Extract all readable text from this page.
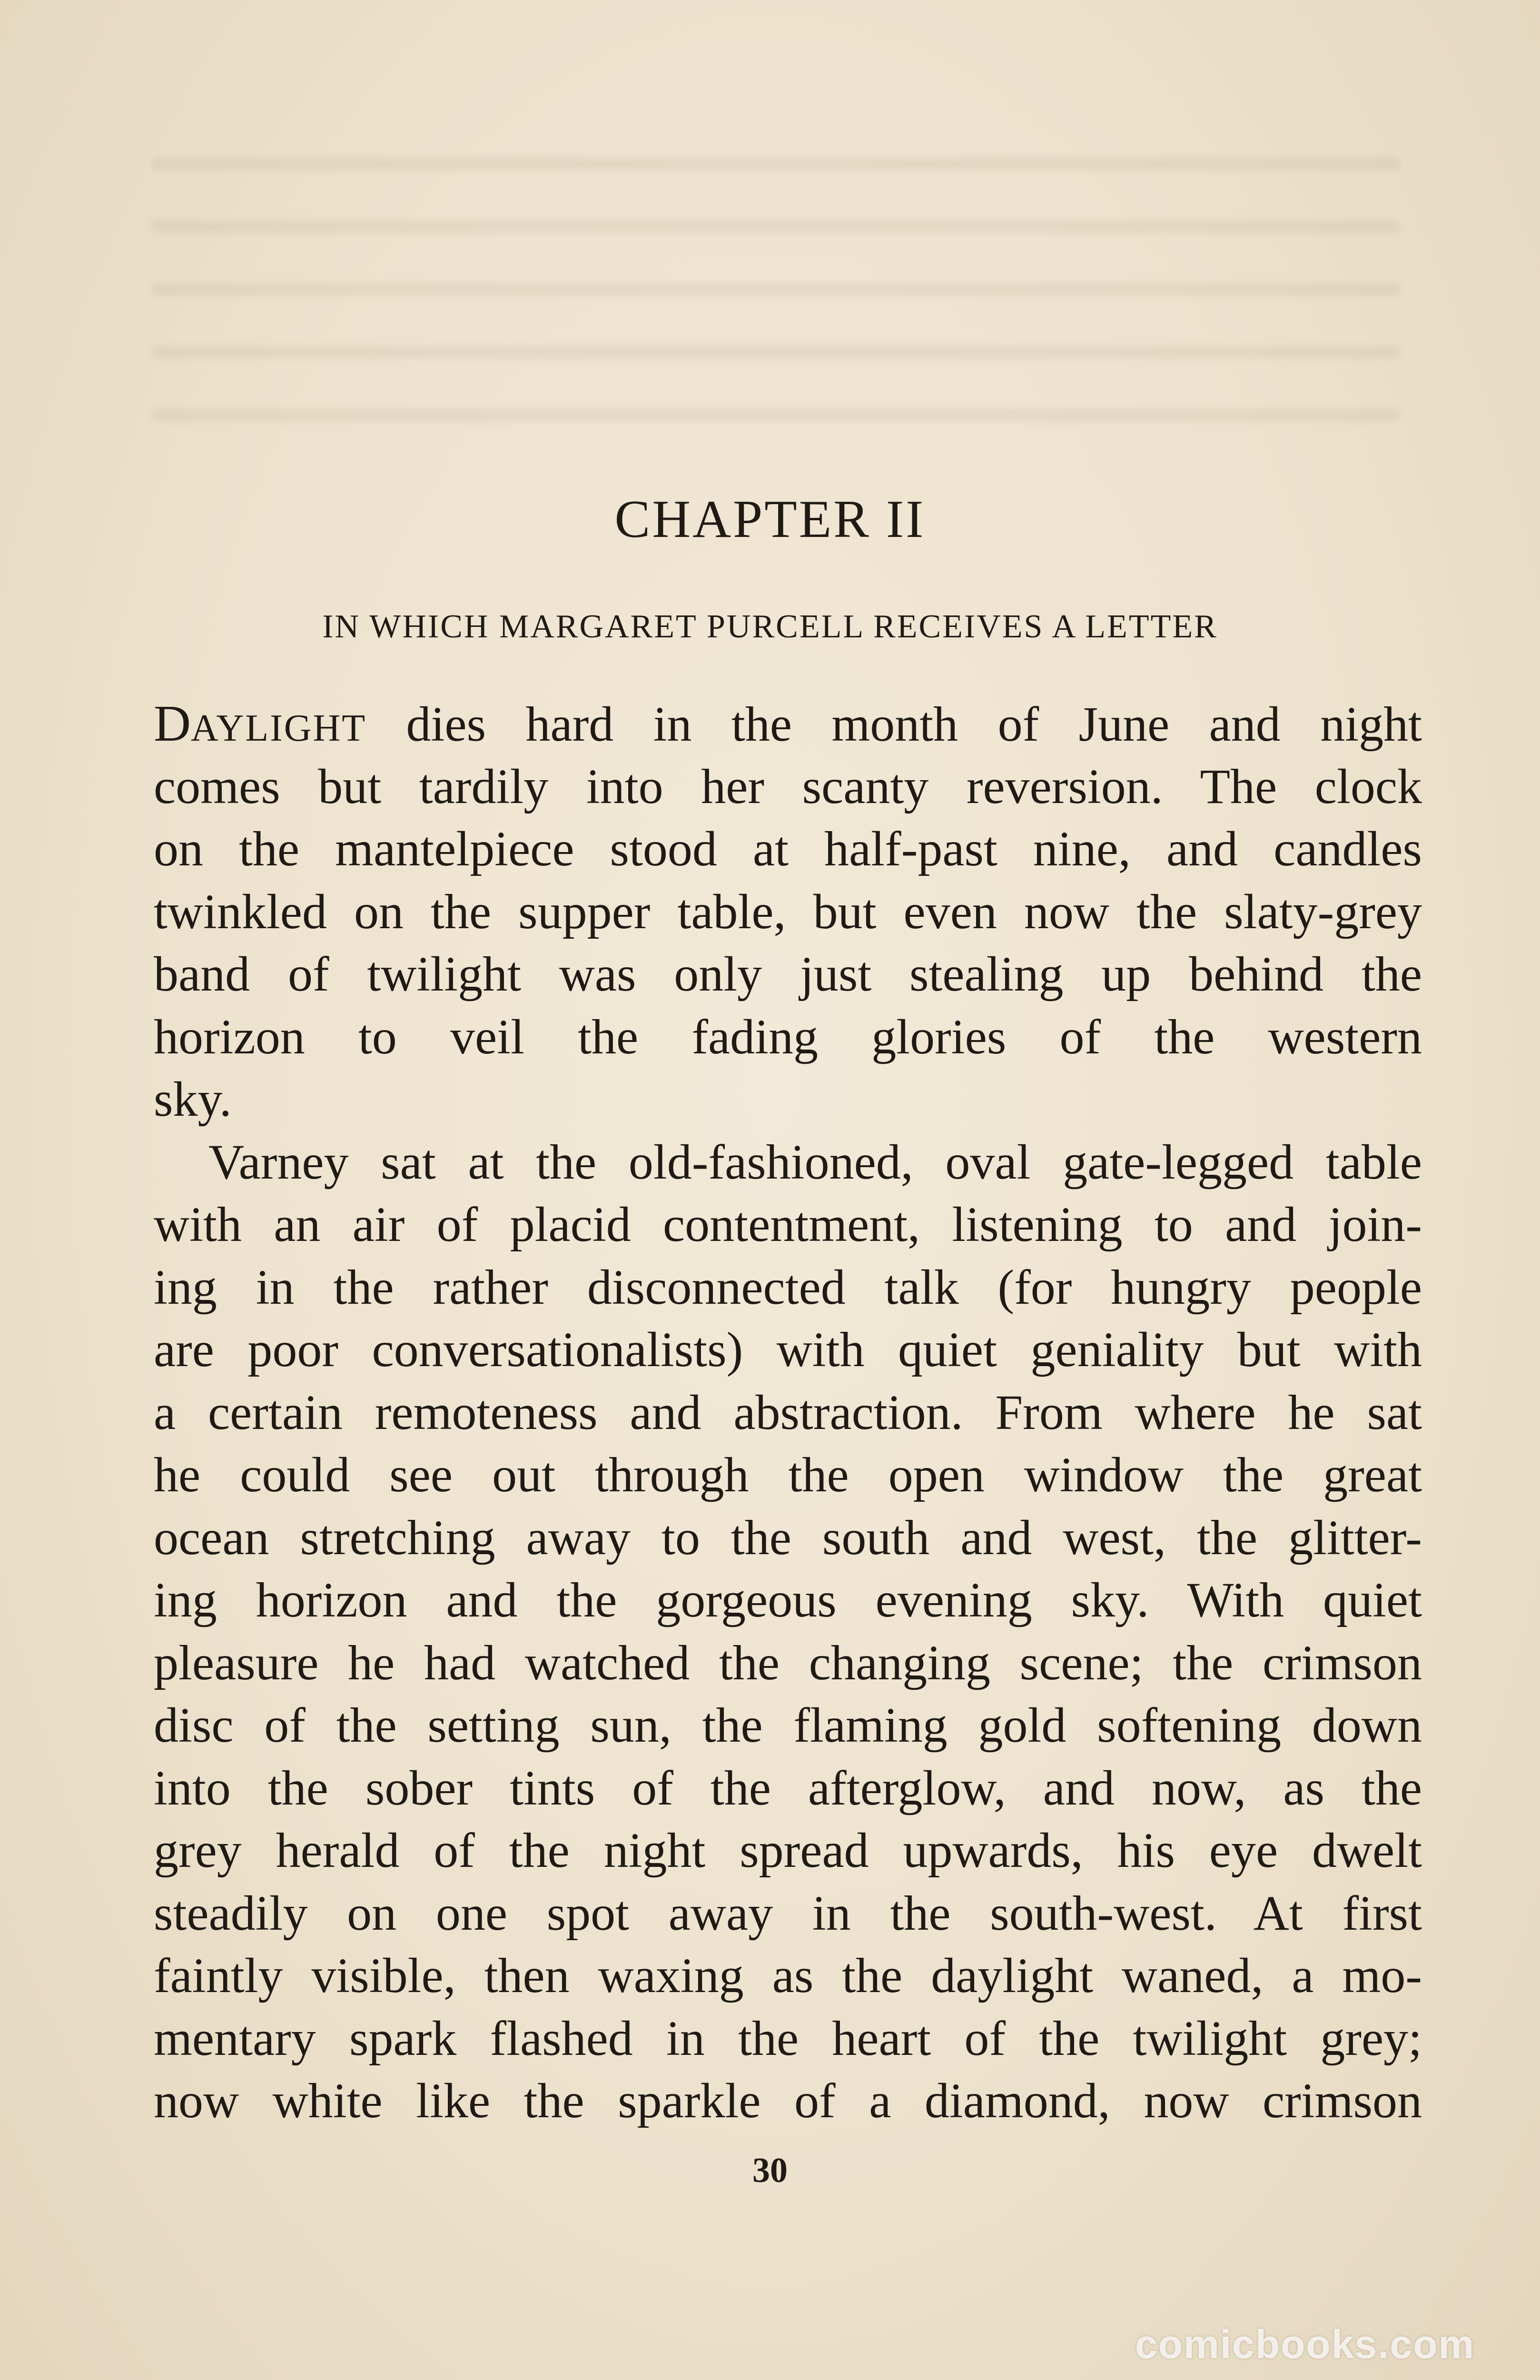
CHAPTER II
IN WHICH MARGARET PURCELL RECEIVES A LETTER
DAYLIGHT dies hard in the month of June and night
comes but tardily into her scanty reversion. The clock
on the mantelpiece stood at half-past nine, and candles
twinkled on the supper table, but even now the slaty-grey
band of twilight was only just stealing up behind the
horizon to veil the fading glories of the western
sky.
Varney sat at the old-fashioned, oval gate-legged table
with an air of placid contentment, listening to and join-
ing in the rather disconnected talk (for hungry people
are poor conversationalists) with quiet geniality but with
a certain remoteness and abstraction. From where he sat
he could see out through the open window the great
ocean stretching away to the south and west, the glitter-
ing horizon and the gorgeous evening sky. With quiet
pleasure he had watched the changing scene; the crimson
disc of the setting sun, the flaming gold softening down
into the sober tints of the afterglow, and now, as the
grey herald of the night spread upwards, his eye dwelt
steadily on one spot away in the south-west. At first
faintly visible, then waxing as the daylight waned, a mo-
mentary spark flashed in the heart of the twilight grey;
now white like the sparkle of a diamond, now crimson
30
comicbooks.com
